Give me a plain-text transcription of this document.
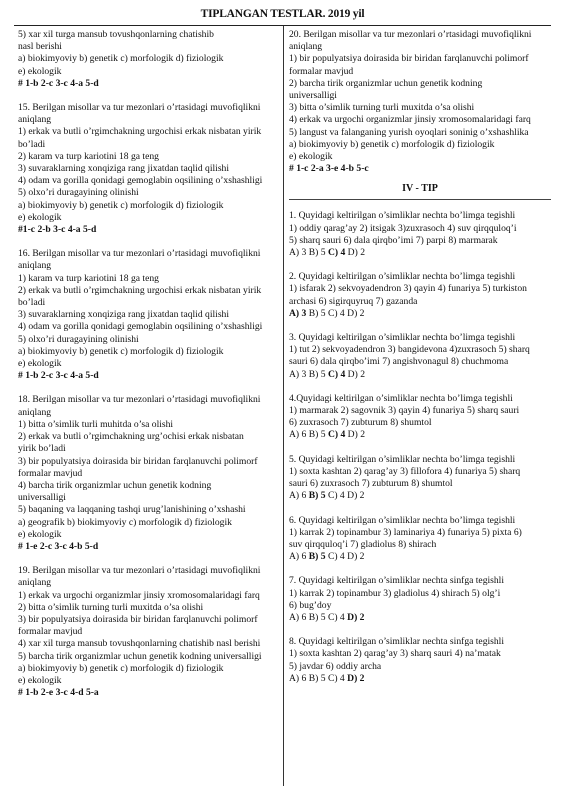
TIPLANGAN TESTLAR. 2019 yil
5) xar xil turga mansub tovushqonlarning chatishib
nasl berishi
a) biokimyoviy b) genetik c) morfologik d) fiziologik
e) ekologik
# 1-b 2-c 3-c 4-a 5-d
15. Berilgan misollar va tur mezonlari o’rtasidagi muvofiqlikni
aniqlang
1) erkak va butli o’rgimchakning urgochisi erkak nisbatan yirik
bo’ladi
2) karam va turp kariotini 18 ga teng
3) suvaraklarning xonqiziga rang jixatdan taqlid qilishi
4) odam va gorilla qonidagi gemoglabin oqsilining o’xshashligi
5) olxo’ri duragayining olinishi
a) biokimyoviy b) genetik c) morfologik d) fiziologik
e) ekologik
#1-c 2-b 3-c 4-a 5-d
16. Berilgan misollar va tur mezonlari o’rtasidagi muvofiqlikni
aniqlang
1) karam va turp kariotini 18 ga teng
2) erkak va butli o’rgimchakning urgochisi erkak nisbatan yirik
bo’ladi
3) suvaraklarning xonqiziga rang jixatdan taqlid qilishi
4) odam va gorilla qonidagi gemoglabin oqsilining o’xshashligi
5) olxo’ri duragayining olinishi
a) biokimyoviy b) genetik c) morfologik d) fiziologik
e) ekologik
# 1-b 2-c 3-c 4-a 5-d
18. Berilgan misollar va tur mezonlari o’rtasidagi muvofiqlikni
aniqlang
1) bitta o’simlik turli muhitda o’sa olishi
2) erkak va butli o’rgimchakning urg’ochisi erkak nisbatan
yirik bo’ladi
3) bir populyatsiya doirasida bir biridan farqlanuvchi polimorf
formalar mavjud
4) barcha tirik organizmlar uchun genetik kodning
universalligi
5) baqaning va laqqaning tashqi urug’lanishining o’xshashi
a) geografik b) biokimyoviy c) morfologik d) fiziologik
e) ekologik
# 1-e 2-c 3-c 4-b 5-d
19. Berilgan misollar va tur mezonlari o’rtasidagi muvofiqlikni
aniqlang
1) erkak va urgochi organizmlar jinsiy xromosomalaridagi farq
2) bitta o’simlik turning turli muxitda o’sa olishi
3) bir populyatsiya doirasida bir biridan farqlanuvchi polimorf
formalar mavjud
4) xar xil turga mansub tovushqonlarning chatishib nasl berishi
5) barcha tirik organizmlar uchun genetik kodning universalligi
a) biokimyoviy b) genetik c) morfologik d) fiziologik
e) ekologik
# 1-b 2-e 3-c 4-d 5-a
20. Berilgan misollar va tur mezonlari o’rtasidagi muvofiqlikni
aniqlang
1) bir populyatsiya doirasida bir biridan farqlanuvchi polimorf
formalar mavjud
2) barcha tirik organizmlar uchun genetik kodning
universalligi
3) bitta o’simlik turning turli muxitda o’sa olishi
4) erkak va urgochi organizmlar jinsiy xromosomalaridagi farq
5) langust va falanganing yurish oyoqlari soninig o’xshashlika
a) biokimyoviy b) genetik c) morfologik d) fiziologik
e) ekologik
# 1-c 2-a 3-e 4-b 5-c
IV - TIP
1. Quyidagi keltirilgan o’simliklar nechta bo’limga tegishli
1) oddiy qarag’ay 2) itsigak 3)zuxrasoch 4) suv qirqquloq’i
5) sharq sauri 6) dala qirqbo’imi 7) parpi 8) marmarak
A) 3 B) 5 C) 4 D) 2
2. Quyidagi keltirilgan o’simliklar nechta bo’limga tegishli
1) isfarak 2) sekvoyadendron 3) qayin 4) funariya 5) turkiston
archasi 6) sigirquyruq 7) gazanda
A) 3 B) 5 C) 4 D) 2
3. Quyidagi keltirilgan o’simliklar nechta bo’limga tegishli
1) tut 2) sekvoyadendron 3) bangidevona 4)zuxrasoch 5) sharq
sauri 6) dala qirqbo’imi 7) angishvonagul 8) chuchmoma
A) 3 B) 5 C) 4 D) 2
4.Quyidagi keltirilgan o’simliklar nechta bo’limga tegishli
1) marmarak 2) sagovnik 3) qayin 4) funariya 5) sharq sauri
6) zuxrasoch 7) zubturum 8) shumtol
A) 6 B) 5 C) 4 D) 2
5. Quyidagi keltirilgan o’simliklar nechta bo’limga tegishli
1) soxta kashtan 2) qarag’ay 3) fillofora 4) funariya 5) sharq
sauri 6) zuxrasoch 7) zubturum 8) shumtol
A) 6 B) 5 C) 4 D) 2
6. Quyidagi keltirilgan o’simliklar nechta bo’limga tegishli
1) karrak 2) topinambur 3) laminariya 4) funariya 5) pixta 6)
suv qirqquloq’i 7) gladiolus 8) shirach
A) 6 B) 5 C) 4 D) 2
7. Quyidagi keltirilgan o’simliklar nechta sinfga tegishli
1) karrak 2) topinambur 3) gladiolus 4) shirach 5) olg’i
6) bug’doy
A) 6 B) 5 C) 4 D) 2
8. Quyidagi keltirilgan o’simliklar nechta sinfga tegishli
1) soxta kashtan 2) qarag’ay 3) sharq sauri 4) na’matak
5) javdar 6) oddiy archa
A) 6 B) 5 C) 4 D) 2
